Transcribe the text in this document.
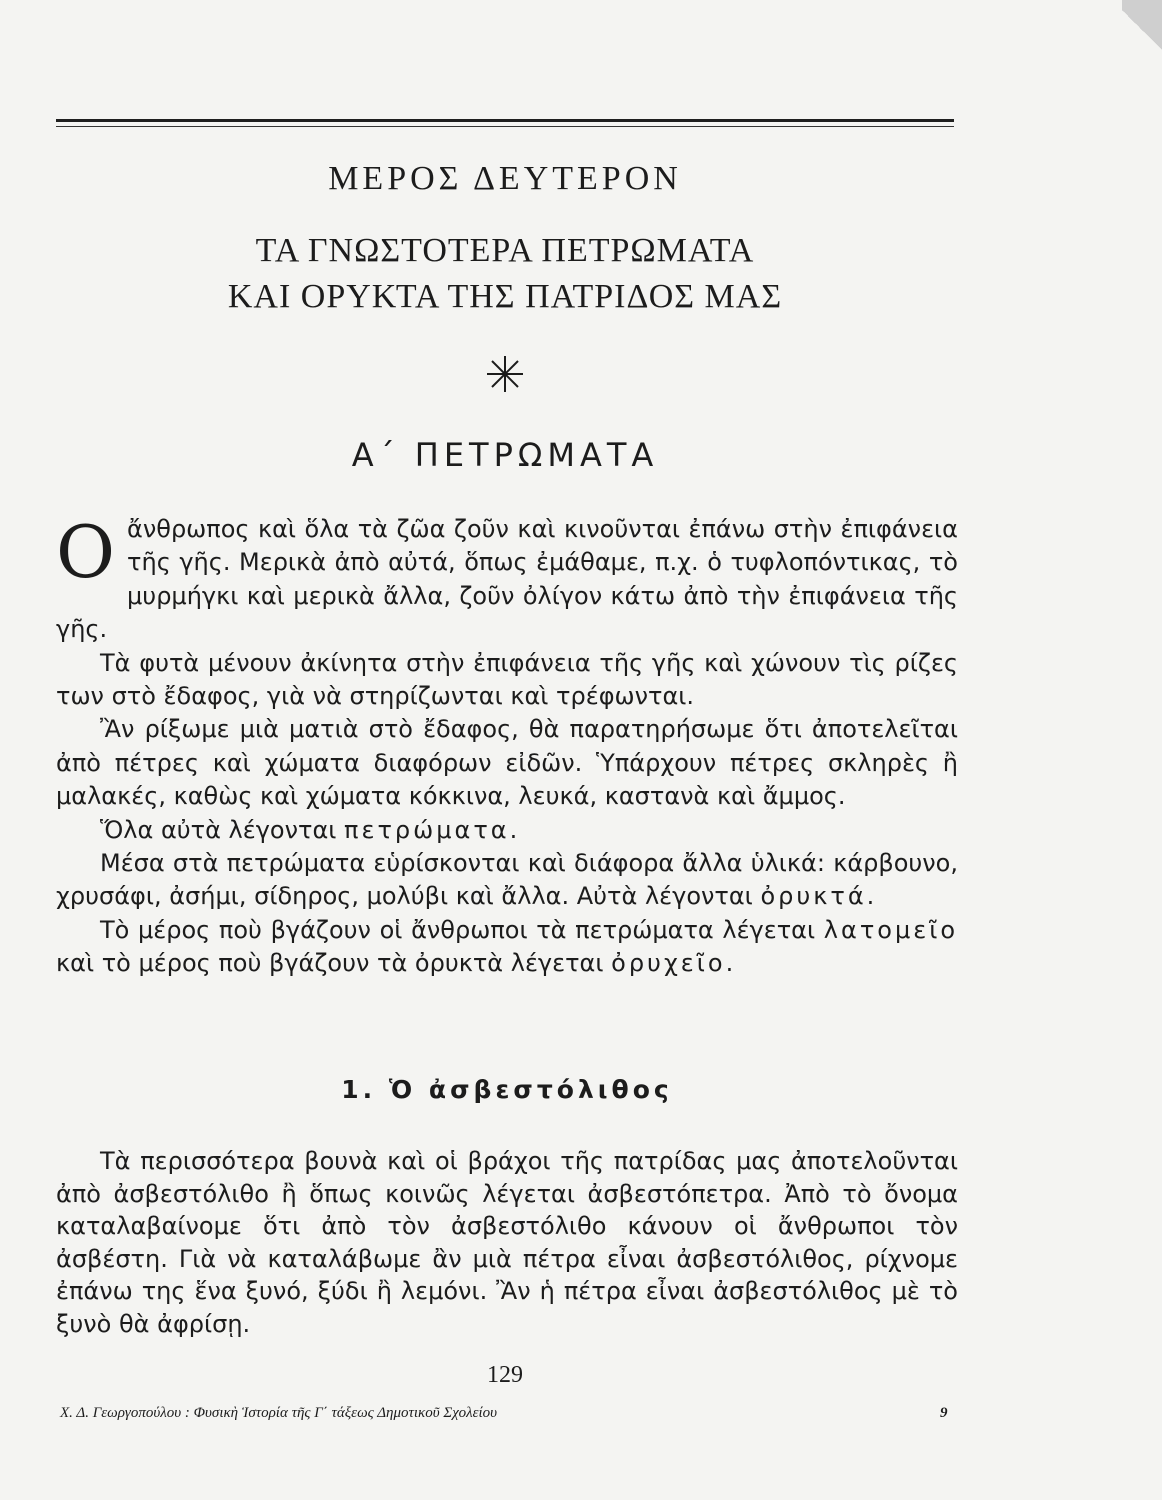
ΜΕΡΟΣ ΔΕΥΤΕΡΟΝ
ΤΑ ΓΝΩΣΤΟΤΕΡΑ ΠΕΤΡΩΜΑΤΑ
ΚΑΙ ΟΡΥΚΤΑ ΤΗΣ ΠΑΤΡΙΔΟΣ ΜΑΣ
Α΄ ΠΕΤΡΩΜΑΤΑ

Οἄνθρωπος καὶ ὅλα τὰ ζῶα ζοῦν καὶ κινοῦνται ἐπάνω στὴν ἐπιφάνεια τῆς γῆς. Μερικὰ ἀπὸ αὐτά, ὅπως ἐμάθαμε, π.χ. ὁ τυφλοπόντικας, τὸ μυρμήγκι καὶ μερικὰ ἄλλα, ζοῦν ὀλίγον κάτω ἀπὸ τὴν ἐπιφάνεια τῆς γῆς.

Τὰ φυτὰ μένουν ἀκίνητα στὴν ἐπιφάνεια τῆς γῆς καὶ χώνουν τὶς ρίζες των στὸ ἔδαφος, γιὰ νὰ στηρίζωνται καὶ τρέφωνται.

Ἂν ρίξωμε μιὰ ματιὰ στὸ ἔδαφος, θὰ παρατηρήσωμε ὅτι ἀποτελεῖται ἀπὸ πέτρες καὶ χώματα διαφόρων εἰδῶν. Ὑπάρχουν πέτρες σκληρὲς ἢ μαλακές, καθὼς καὶ χώματα κόκκινα, λευκά, καστανὰ καὶ ἄμμος.

Ὅλα αὐτὰ λέγονται πετρώματα.

Μέσα στὰ πετρώματα εὑρίσκονται καὶ διάφορα ἄλλα ὑλικά: κάρβουνο, χρυσάφι, ἀσήμι, σίδηρος, μολύβι καὶ ἄλλα. Αὐτὰ λέγονται ὀρυκτά.

Τὸ μέρος ποὺ βγάζουν οἱ ἄνθρωποι τὰ πετρώματα λέγεται λατομεῖο καὶ τὸ μέρος ποὺ βγάζουν τὰ ὀρυκτὰ λέγεται ὀρυχεῖο.

1. Ὁ ἀσβεστόλιθος

Τὰ περισσότερα βουνὰ καὶ οἱ βράχοι τῆς πατρίδας μας ἀποτελοῦνται ἀπὸ ἀσβεστόλιθο ἢ ὅπως κοινῶς λέγεται ἀσβεστόπετρα. Ἀπὸ τὸ ὄνομα καταλαβαίνομε ὅτι ἀπὸ τὸν ἀσβεστόλιθο κάνουν οἱ ἄνθρωποι τὸν ἀσβέστη. Γιὰ νὰ καταλάβωμε ἂν μιὰ πέτρα εἶναι ἀσβεστόλιθος, ρίχνομε ἐπάνω της ἕνα ξυνό, ξύδι ἢ λεμόνι. Ἂν ἡ πέτρα εἶναι ἀσβεστόλιθος μὲ τὸ ξυνὸ θὰ ἀφρίσῃ.

129
Χ. Δ. Γεωργοπούλου : Φυσικὴ Ἱστορία τῆς Γ΄ τάξεως Δημοτικοῦ Σχολείου	9
